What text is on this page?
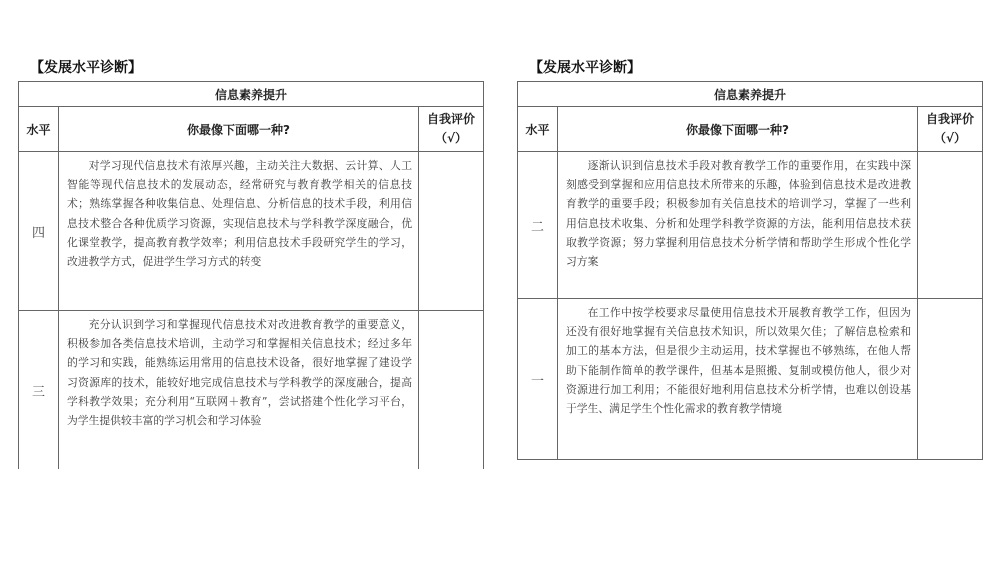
【发展水平诊断】
信息素养提升		
水平	你最像下面哪一种?	自我评价
（√）

四	对学习现代信息技术有浓厚兴趣，主动关注大数据、云计算、人工智能等现代信息技术的发展动态，经常研究与教育教学相关的信息技术；熟练掌握各种收集信息、处理信息、分析信息的技术手段，利用信息技术整合各种优质学习资源，实现信息技术与学科教学深度融合，优化课堂教学，提高教育教学效率；利用信息技术手段研究学生的学习，改进教学方式，促进学生学习方式的转变	
三	充分认识到学习和掌握现代信息技术对改进教育教学的重要意义，积极参加各类信息技术培训，主动学习和掌握相关信息技术；经过多年的学习和实践，能熟练运用常用的信息技术设备，很好地掌握了建设学习资源库的技术，能较好地完成信息技术与学科教学的深度融合，提高学科教学效果；充分利用“互联网＋教育”，尝试搭建个性化学习平台，为学生提供较丰富的学习机会和学习体验	
【发展水平诊断】
信息素养提升		
水平	你最像下面哪一种?	自我评价
（√）

二	逐渐认识到信息技术手段对教育教学工作的重要作用，在实践中深刻感受到掌握和应用信息技术所带来的乐趣，体验到信息技术是改进教育教学的重要手段；积极参加有关信息技术的培训学习，掌握了一些利用信息技术收集、分析和处理学科教学资源的方法，能利用信息技术获取教学资源；努力掌握利用信息技术分析学情和帮助学生形成个性化学习方案	
一	在工作中按学校要求尽量使用信息技术开展教育教学工作，但因为还没有很好地掌握有关信息技术知识，所以效果欠佳；了解信息检索和加工的基本方法，但是很少主动运用，技术掌握也不够熟练，在他人帮助下能制作简单的教学课件，但基本是照搬、复制或模仿他人，很少对资源进行加工利用；不能很好地利用信息技术分析学情，也难以创设基于学生、满足学生个性化需求的教育教学情境	
